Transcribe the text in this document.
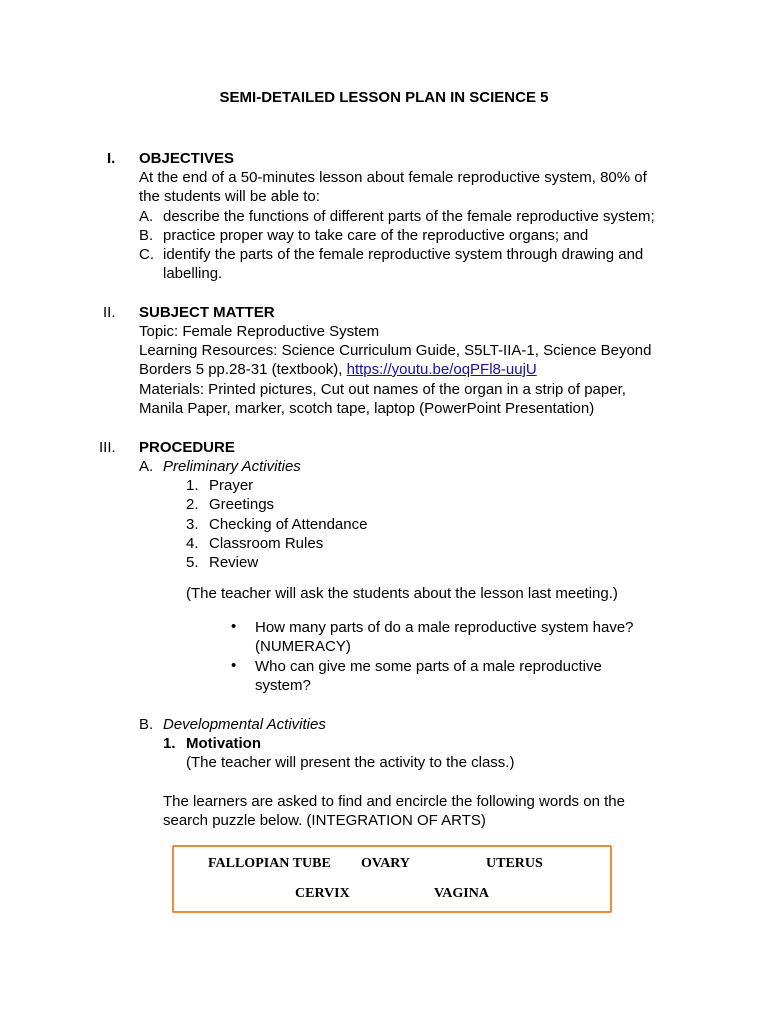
SEMI-DETAILED LESSON PLAN IN SCIENCE 5
I. OBJECTIVES
At the end of a 50-minutes lesson about female reproductive system, 80% of
the students will be able to:
A. describe the functions of different parts of the female reproductive system;
B. practice proper way to take care of the reproductive organs; and
C. identify the parts of the female reproductive system through drawing and
labelling.
II. SUBJECT MATTER
Topic: Female Reproductive System
Learning Resources: Science Curriculum Guide, S5LT-IIA-1, Science Beyond
Borders 5 pp.28-31 (textbook), https://youtu.be/oqPFl8-uujU
Materials: Printed pictures, Cut out names of the organ in a strip of paper,
Manila Paper, marker, scotch tape, laptop (PowerPoint Presentation)
III. PROCEDURE
A. Preliminary Activities
1. Prayer
2. Greetings
3. Checking of Attendance
4. Classroom Rules
5. Review
(The teacher will ask the students about the lesson last meeting.)
• How many parts of do a male reproductive system have?
(NUMERACY)
• Who can give me some parts of a male reproductive
system?
B. Developmental Activities
1. Motivation
(The teacher will present the activity to the class.)
The learners are asked to find and encircle the following words on the
search puzzle below. (INTEGRATION OF ARTS)
FALLOPIAN TUBE OVARY	UTERUS
CERVIX	VAGINA
